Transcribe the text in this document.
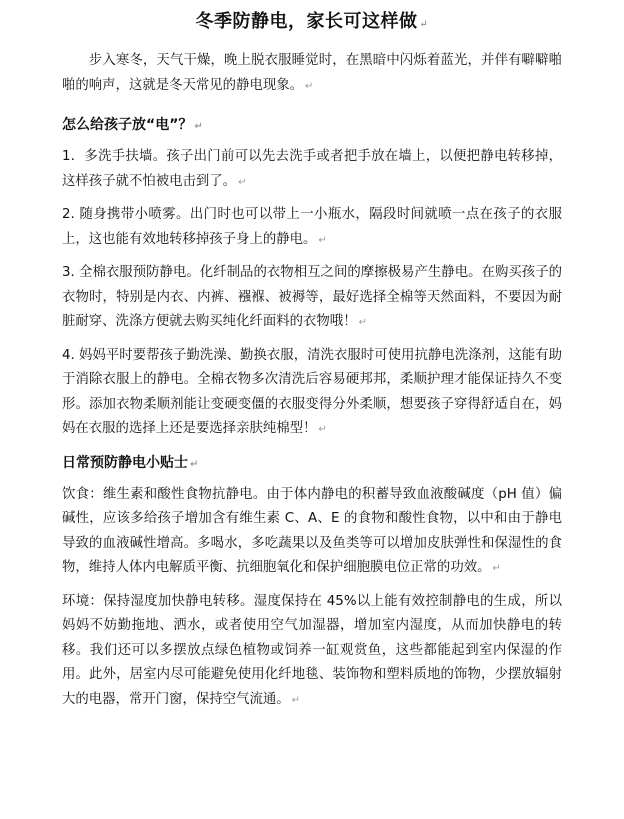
冬季防静电，家长可这样做 ↵

步入寒冬，天气干燥，晚上脱衣服睡觉时，在黑暗中闪烁着蓝光，并伴有噼噼啪啪的响声，这就是冬天常见的静电现象。 ↵

怎么给孩子放“电”？ ↵

1．多洗手扶墙。孩子出门前可以先去洗手或者把手放在墙上，以便把静电转移掉，这样孩子就不怕被电击到了。 ↵

2. 随身携带小喷雾。出门时也可以带上一小瓶水，隔段时间就喷一点在孩子的衣服上，这也能有效地转移掉孩子身上的静电。 ↵

3. 全棉衣服预防静电。化纤制品的衣物相互之间的摩擦极易产生静电。在购买孩子的衣物时，特别是内衣、内裤、襁褓、被褥等，最好选择全棉等天然面料，不要因为耐脏耐穿、洗涤方便就去购买纯化纤面料的衣物哦！ ↵

4. 妈妈平时要帮孩子勤洗澡、勤换衣服，清洗衣服时可使用抗静电洗涤剂，这能有助于消除衣服上的静电。全棉衣物多次清洗后容易硬邦邦，柔顺护理才能保证持久不变形。添加衣物柔顺剂能让变硬变僵的衣服变得分外柔顺，想要孩子穿得舒适自在，妈妈在衣服的选择上还是要选择亲肤纯棉型！ ↵

日常预防静电小贴士 ↵

饮食：维生素和酸性食物抗静电。由于体内静电的积蓄导致血液酸碱度（pH 值）偏碱性，应该多给孩子增加含有维生素 C、A、E 的食物和酸性食物，以中和由于静电导致的血液碱性增高。多喝水，多吃蔬果以及鱼类等可以增加皮肤弹性和保湿性的食物，维持人体内电解质平衡、抗细胞氧化和保护细胞膜电位正常的功效。 ↵

环境：保持湿度加快静电转移。湿度保持在 45%以上能有效控制静电的生成，所以妈妈不妨勤拖地、洒水，或者使用空气加湿器，增加室内湿度，从而加快静电的转移。我们还可以多摆放点绿色植物或饲养一缸观赏鱼，这些都能起到室内保湿的作用。此外，居室内尽可能避免使用化纤地毯、装饰物和塑料质地的饰物，少摆放辐射大的电器，常开门窗，保持空气流通。 ↵
